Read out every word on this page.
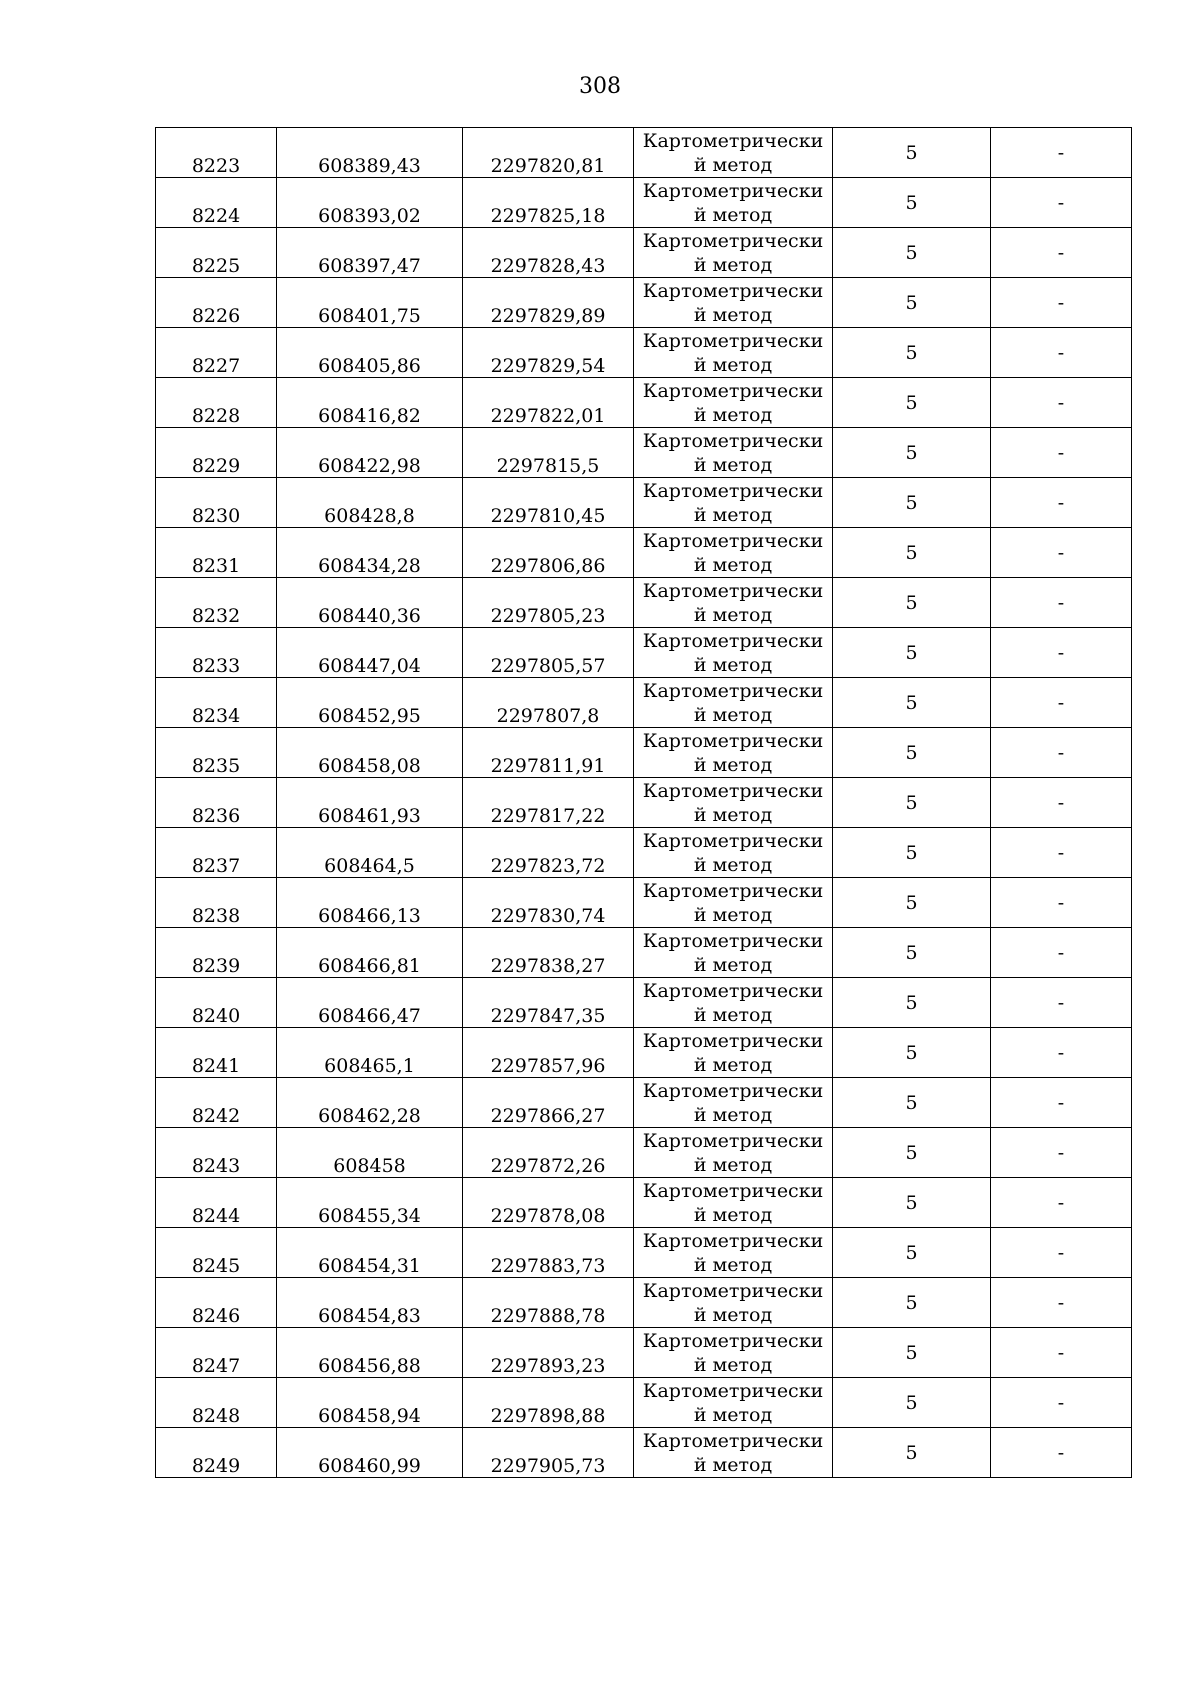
308
8223	608389,43	2297820,81	Картометрически
й метод	5	-
8224	608393,02	2297825,18	Картометрически
й метод	5	-
8225	608397,47	2297828,43	Картометрически
й метод	5	-
8226	608401,75	2297829,89	Картометрически
й метод	5	-
8227	608405,86	2297829,54	Картометрически
й метод	5	-
8228	608416,82	2297822,01	Картометрически
й метод	5	-
8229	608422,98	2297815,5	Картометрически
й метод	5	-
8230	608428,8	2297810,45	Картометрически
й метод	5	-
8231	608434,28	2297806,86	Картометрически
й метод	5	-
8232	608440,36	2297805,23	Картометрически
й метод	5	-
8233	608447,04	2297805,57	Картометрически
й метод	5	-
8234	608452,95	2297807,8	Картометрически
й метод	5	-
8235	608458,08	2297811,91	Картометрически
й метод	5	-
8236	608461,93	2297817,22	Картометрически
й метод	5	-
8237	608464,5	2297823,72	Картометрически
й метод	5	-
8238	608466,13	2297830,74	Картометрически
й метод	5	-
8239	608466,81	2297838,27	Картометрически
й метод	5	-
8240	608466,47	2297847,35	Картометрически
й метод	5	-
8241	608465,1	2297857,96	Картометрически
й метод	5	-
8242	608462,28	2297866,27	Картометрически
й метод	5	-
8243	608458	2297872,26	Картометрически
й метод	5	-
8244	608455,34	2297878,08	Картометрически
й метод	5	-
8245	608454,31	2297883,73	Картометрически
й метод	5	-
8246	608454,83	2297888,78	Картометрически
й метод	5	-
8247	608456,88	2297893,23	Картометрически
й метод	5	-
8248	608458,94	2297898,88	Картометрически
й метод	5	-
8249	608460,99	2297905,73	Картометрически
й метод	5	-
